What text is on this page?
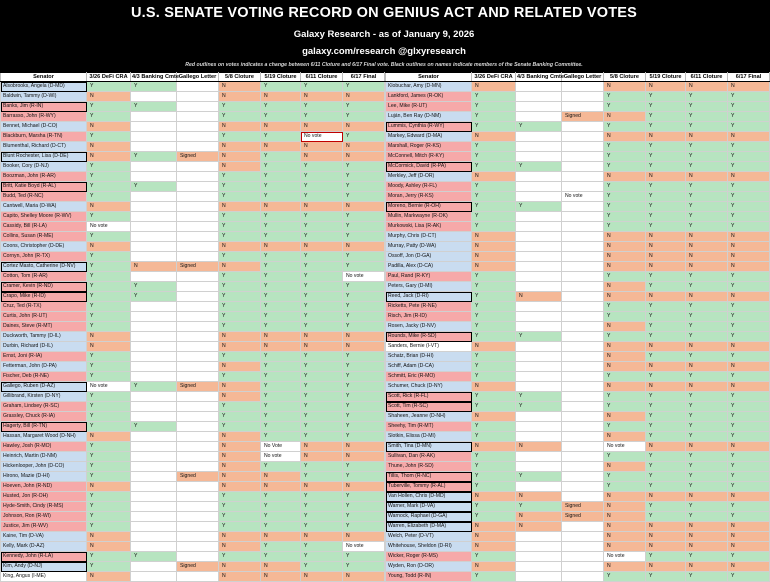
U.S. SENATE VOTING RECORD ON GENIUS ACT AND RELATED VOTES
Galaxy Research - as of January 9, 2026
galaxy.com/research @glxyresearch
Red outlines on votes indicates a change between 6/11 Cloture and 6/17 Final vote. Black outlines on names indicate members of the Senate Banking Committee.
Senator	3/26 DeFi CRA	4/3 Banking Cmte	Gallego Letter	5/8 Cloture	5/19 Cloture	6/11 Cloture	6/17 Final
Alsobrooks, Angela (D-MD)	Y	Y		N	Y	Y	Y
Baldwin, Tammy (D-WI)	N			N	N	N	N
Banks, Jim (R-IN)	Y	Y		Y	Y	Y	Y
Barrasso, John (R-WY)	Y			Y	Y	Y	Y
Bennet, Michael (D-CO)	N			N	N	N	N
Blackburn, Marsha (R-TN)	Y			Y	Y	No vote	Y
Blumenthal, Richard (D-CT)	N			N	N	N	N
Blunt Rochester, Lisa (D-DE)	N	Y	Signed	N	Y	N	N
Booker, Cory (D-NJ)	Y			N	Y	Y	Y
Boozman, John (R-AR)	Y			Y	Y	Y	Y
Britt, Katie Boyd (R-AL)	Y	Y		Y	Y	Y	Y
Budd, Ted (R-NC)	Y			Y	Y	Y	Y
Cantwell, Maria (D-WA)	N			N	N	N	N
Capito, Shelley Moore (R-WV)	Y			Y	Y	Y	Y
Cassidy, Bill (R-LA)	No vote			Y	Y	Y	Y
Collins, Susan (R-ME)	Y			Y	Y	Y	Y
Coons, Christopher (D-DE)	N			N	N	N	N
Cornyn, John (R-TX)	Y			Y	Y	Y	Y
Cortez Masto, Catherine (D-NV)	Y	N	Signed	N	Y	Y	Y
Cotton, Tom (R-AR)	Y			Y	Y	Y	No vote
Cramer, Kevin (R-ND)	Y	Y		Y	Y	Y	Y
Crapo, Mike (R-ID)	Y	Y		Y	Y	Y	Y
Cruz, Ted (R-TX)	Y			Y	Y	Y	Y
Curtis, John (R-UT)	Y			Y	Y	Y	Y
Daines, Steve (R-MT)	Y			Y	Y	Y	Y
Duckworth, Tammy (D-IL)	N			N	N	N	N
Durbin, Richard (D-IL)	N			N	N	N	N
Ernst, Joni (R-IA)	Y			Y	Y	Y	Y
Fetterman, John (D-PA)	Y			N	Y	Y	Y
Fischer, Deb (R-NE)	Y			Y	Y	Y	Y
Gallego, Ruben (D-AZ)	No vote	Y	Signed	N	Y	Y	Y
Gillibrand, Kirsten (D-NY)	Y			N	Y	Y	Y
Graham, Lindsey (R-SC)	Y			Y	Y	Y	Y
Grassley, Chuck (R-IA)	Y			Y	Y	Y	Y
Hagerty, Bill (R-TN)	Y	Y		Y	Y	Y	Y
Hassan, Margaret Wood (D-NH)	N			N	Y	Y	Y
Hawley, Josh (R-MO)	Y			N	No Vote	N	N
Heinrich, Martin (D-NM)	Y			N	No vote	N	N
Hickenlooper, John (D-CO)	Y			N	Y	Y	Y
Hirono, Mazie (D-HI)	Y		Signed	N	N	Y	Y
Hoeven, John (R-ND)	N			N	N	N	N
Husted, Jon (R-OH)	Y			Y	Y	Y	Y
Hyde-Smith, Cindy (R-MS)	Y			Y	Y	Y	Y
Johnson, Ron (R-WI)	Y			Y	Y	Y	Y
Justice, Jim (R-WV)	Y			Y	Y	Y	Y
Kaine, Tim (D-VA)	N			N	N	N	N
Kelly, Mark (D-AZ)	N			N	Y	Y	No vote
Kennedy, John (R-LA)	Y	Y		Y	Y	Y	Y
Kim, Andy (D-NJ)	Y		Signed	N	N	Y	Y
King, Angus (I-ME)	N			N	N	N	N
Senator	3/26 DeFi CRA	4/3 Banking Cmte	Gallego Letter	5/8 Cloture	5/19 Cloture	6/11 Cloture	6/17 Final
Klobuchar, Amy (D-MN)	N			N	N	N	N
Lankford, James (R-OK)	Y			Y	Y	Y	Y
Lee, Mike (R-UT)	Y			Y	Y	Y	Y
Luján, Ben Ray (D-NM)	Y		Signed	N	Y	Y	Y
Lummis, Cynthia (R-WY)	Y	Y		Y	Y	Y	Y
Markey, Edward (D-MA)	N			N	N	N	N
Marshall, Roger (R-KS)	Y			Y	Y	Y	Y
McConnell, Mitch (R-KY)	Y			Y	Y	Y	Y
McCormick, David (R-PA)	Y	Y		Y	Y	Y	Y
Merkley, Jeff (D-OR)	N			N	N	N	N
Moody, Ashley (R-FL)	Y			Y	Y	Y	Y
Moran, Jerry (R-KS)	Y		No vote	Y	Y	Y	Y
Moreno, Bernie (R-OH)	Y	Y		Y	Y	Y	Y
Mullin, Markwayne (R-OK)	Y			Y	Y	Y	Y
Murkowski, Lisa (R-AK)	Y			Y	Y	Y	Y
Murphy, Chris (D-CT)	N			N	N	N	N
Murray, Patty (D-WA)	N			N	N	N	N
Ossoff, Jon (D-GA)	N			N	N	N	N
Padilla, Alex (D-CA)	N			N	N	N	N
Paul, Rand (R-KY)	Y			Y	Y	Y	Y
Peters, Gary (D-MI)	Y			N	Y	Y	Y
Reed, Jack (D-RI)	Y	N		N	N	N	N
Ricketts, Pete (R-NE)	Y			Y	Y	Y	Y
Risch, Jim (R-ID)	Y			Y	Y	Y	Y
Rosen, Jacky (D-NV)	Y			N	Y	Y	Y
Rounds, Mike (R-SD)	Y	Y		Y	Y	Y	Y
Sanders, Bernie (I-VT)	N			N	N	N	N
Schatz, Brian (D-HI)	Y			N	Y	Y	Y
Schiff, Adam (D-CA)	Y			N	N	N	N
Schmitt, Eric (R-MO)	Y			Y	Y	Y	Y
Schumer, Chuck (D-NY)	N			N	N	N	N
Scott, Rick (R-FL)	Y	Y		Y	Y	Y	Y
Scott, Tim (R-SC)	Y	Y		Y	Y	Y	Y
Shaheen, Jeanne (D-NH)	N			N	Y	Y	Y
Sheehy, Tim (R-MT)	Y			Y	Y	Y	Y
Slotkin, Elissa (D-MI)	Y			N	Y	Y	Y
Smith, Tina (D-MN)	N	N		No vote	N	N	N
Sullivan, Dan (R-AK)	Y			Y	Y	Y	Y
Thune, John (R-SD)	Y			N	Y	Y	Y
Tillis, Thom (R-NC)	Y	Y		Y	Y	Y	Y
Tuberville, Tommy (R-AL)	Y			Y	Y	Y	Y
Van Hollen, Chris (D-MD)	N	N		N	N	N	N
Warner, Mark (D-VA)	Y	Y	Signed	N	Y	Y	Y
Warnock, Raphael (D-GA)	Y	N	Signed	N	Y	Y	Y
Warren, Elizabeth (D-MA)	N	N		N	N	N	N
Welch, Peter (D-VT)	N			N	N	N	N
Whitehouse, Sheldon (D-RI)	N			N	N	N	N
Wicker, Roger (R-MS)	Y			No vote	Y	Y	Y
Wyden, Ron (D-OR)	N			N	N	N	N
Young, Todd (R-IN)	Y			Y	Y	Y	Y
